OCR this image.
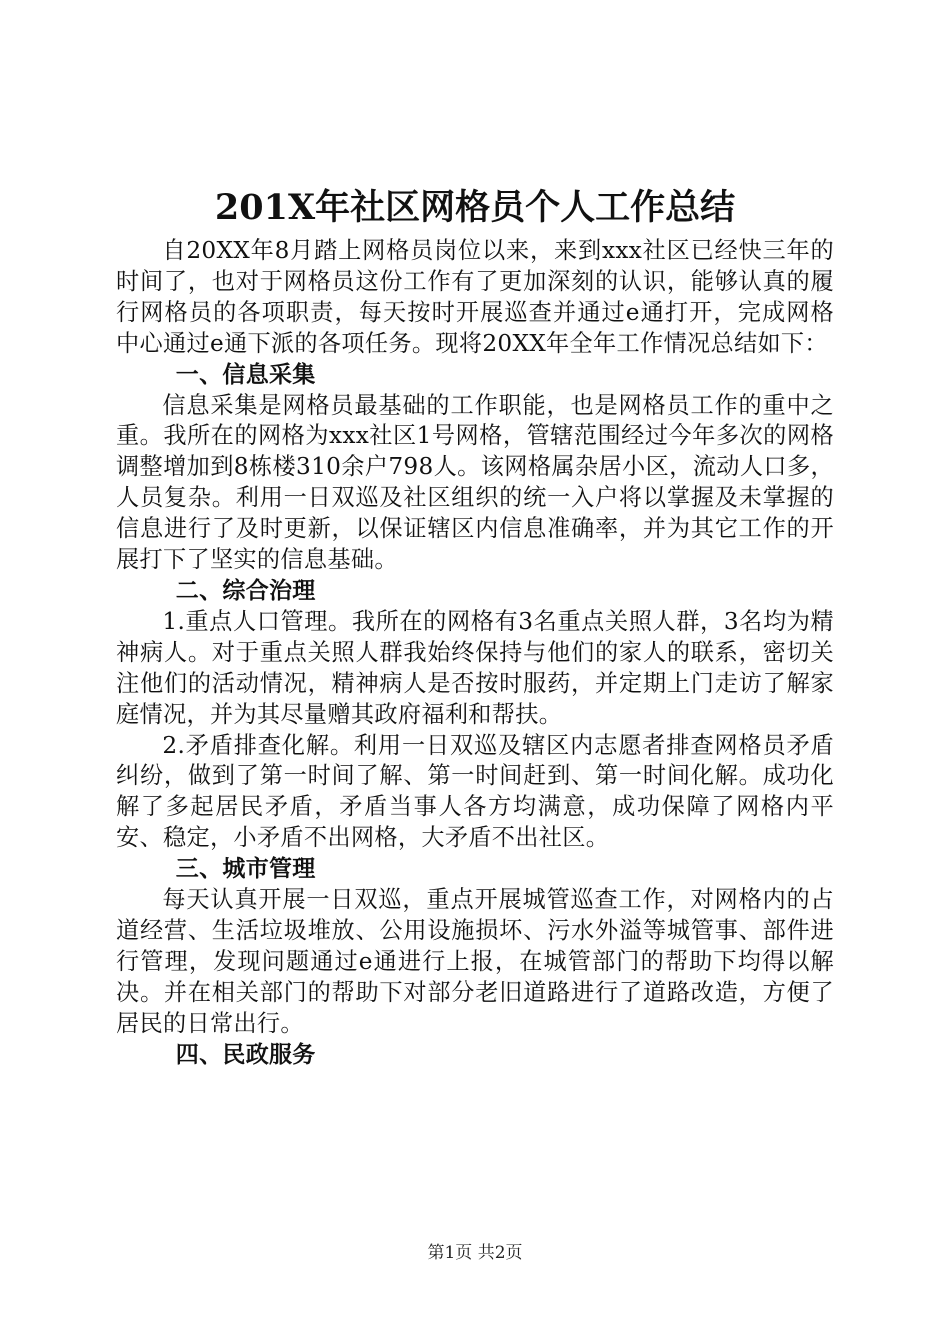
201X年社区网格员个人工作总结

自20XX年8月踏上网格员岗位以来，来到xxx社区已经快三年的时间了，也对于网格员这份工作有了更加深刻的认识，能够认真的履行网格员的各项职责，每天按时开展巡查并通过e通打开，完成网格中心通过e通下派的各项任务。现将20XX年全年工作情况总结如下：

一、信息采集

信息采集是网格员最基础的工作职能，也是网格员工作的重中之重。我所在的网格为xxx社区1号网格，管辖范围经过今年多次的网格调整增加到8栋楼310余户798人。该网格属杂居小区，流动人口多，人员复杂。利用一日双巡及社区组织的统一入户将以掌握及未掌握的信息进行了及时更新，以保证辖区内信息准确率，并为其它工作的开展打下了坚实的信息基础。

二、综合治理

1.重点人口管理。我所在的网格有3名重点关照人群，3名均为精神病人。对于重点关照人群我始终保持与他们的家人的联系，密切关注他们的活动情况，精神病人是否按时服药，并定期上门走访了解家庭情况，并为其尽量赠其政府福利和帮扶。

2.矛盾排查化解。利用一日双巡及辖区内志愿者排查网格员矛盾纠纷，做到了第一时间了解、第一时间赶到、第一时间化解。成功化解了多起居民矛盾，矛盾当事人各方均满意，成功保障了网格内平安、稳定，小矛盾不出网格，大矛盾不出社区。

三、城市管理

每天认真开展一日双巡，重点开展城管巡查工作，对网格内的占道经营、生活垃圾堆放、公用设施损坏、污水外溢等城管事、部件进行管理，发现问题通过e通进行上报，在城管部门的帮助下均得以解决。并在相关部门的帮助下对部分老旧道路进行了道路改造，方便了居民的日常出行。

四、民政服务

第1页 共2页
